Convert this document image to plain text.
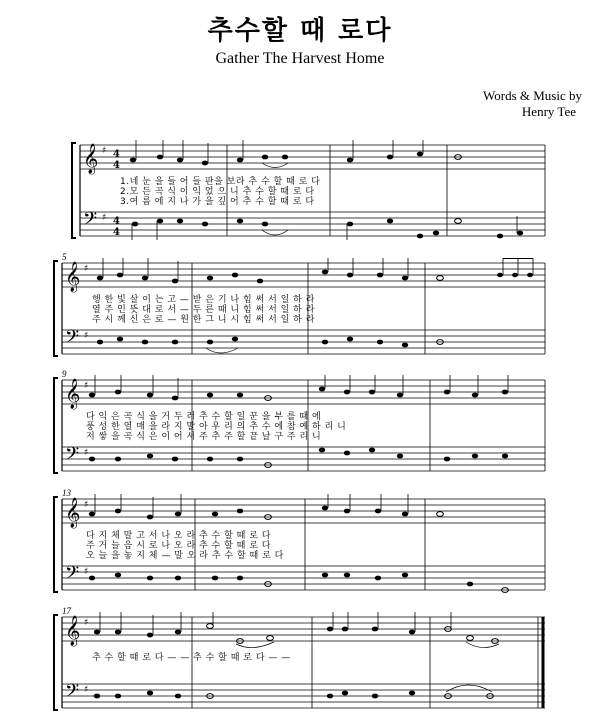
추수할 때 로다
Gather The Harvest Home
Words & Music by
Henry Tee
𝄞
𝄢
♯
♯
4
4
4
4
1.네 눈 을 들 어 들 판을 보라 추 수 할 때 로 다
2.모 든 곡 식 이 익 었 으 니 추 수 할 때 로 다
3.여 름 에 지 나 가 을 깊 어 추 수 할 때 로 다
5
𝄞
𝄢
♯
♯
행 한 빛 살 이 는 고 — 받 은 기 나 힘 써 서 일 하 라
열 주 인 뜻 대 로 서 — 두 른 때 니 힘 써 서 일 하 라
주 시 께 신 은 로 — 원 한 그 니 시 힘 써 서 일 하 라
9
𝄞
𝄢
♯
♯
다 익 은 곡 식 을 거 두 러 추 수 할 일 꾼 을 부 를 때 에
풍 성 한 열 매 을 라 지 말 아 우 리 의 추 수 에 참 예 하 리 니
저 쌓 을 곡 식 은 이 어 서 주 추 주 할 끝 날 구 주 리 니
13
𝄞
𝄢
♯
♯
다 지 체 말 고 서 나 오 라 추 수 할 때 로 다
주 거 늘 음 시 로 나 오 라 추 수 할 때 로 다
오 늘 을 놓 지 체 — 말 오 라 추 수 할 때 로 다
17
𝄞
𝄢
♯
♯
추 수 할 때 로 다 — — 추 수 할 때 로 다 — —
